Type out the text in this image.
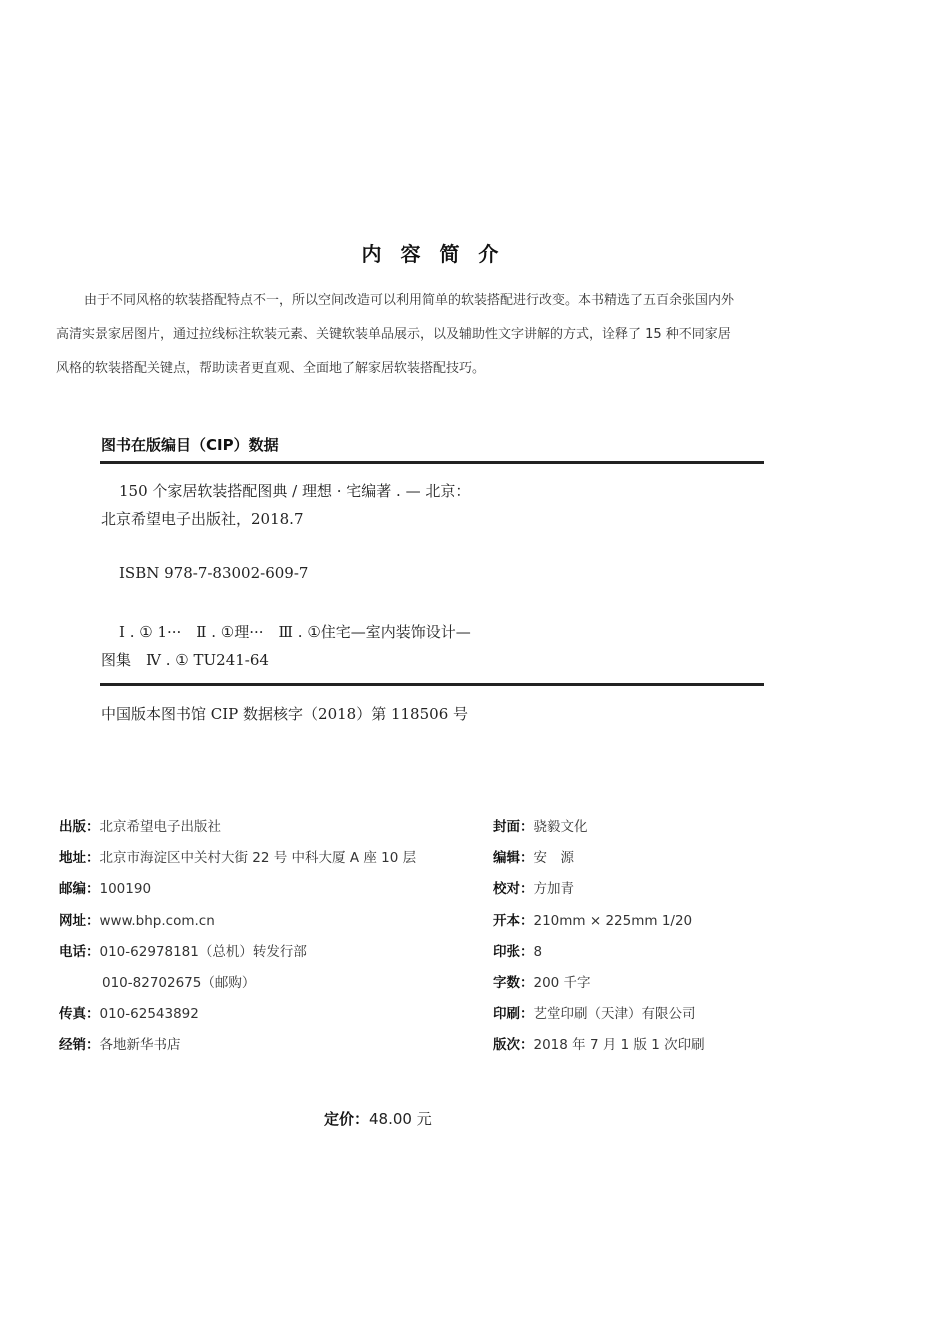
内 容 简 介
由于不同风格的软装搭配特点不一，所以空间改造可以利用简单的软装搭配进行改变。本书精选了五百余张国内外
高清实景家居图片，通过拉线标注软装元素、关键软装单品展示，以及辅助性文字讲解的方式，诠释了 15 种不同家居
风格的软装搭配关键点，帮助读者更直观、全面地了解家居软装搭配技巧。
图书在版编目（CIP）数据
150 个家居软装搭配图典 / 理想 · 宅编著 . — 北京：
北京希望电子出版社，2018.7
ISBN 978-7-83002-609-7
Ⅰ . ① 1···　Ⅱ . ①理···　Ⅲ . ①住宅—室内装饰设计—
图集　Ⅳ . ① TU241-64
中国版本图书馆 CIP 数据核字（2018）第 118506 号
出版：北京希望电子出版社
地址：北京市海淀区中关村大街 22 号 中科大厦 A 座 10 层
邮编：100190
网址：www.bhp.com.cn
电话：010-62978181（总机）转发行部
010-82702675（邮购）
传真：010-62543892
经销：各地新华书店
封面：骁毅文化
编辑：安　源
校对：方加青
开本：210mm × 225mm 1/20
印张：8
字数：200 千字
印刷：艺堂印刷（天津）有限公司
版次：2018 年 7 月 1 版 1 次印刷
定价：48.00 元
